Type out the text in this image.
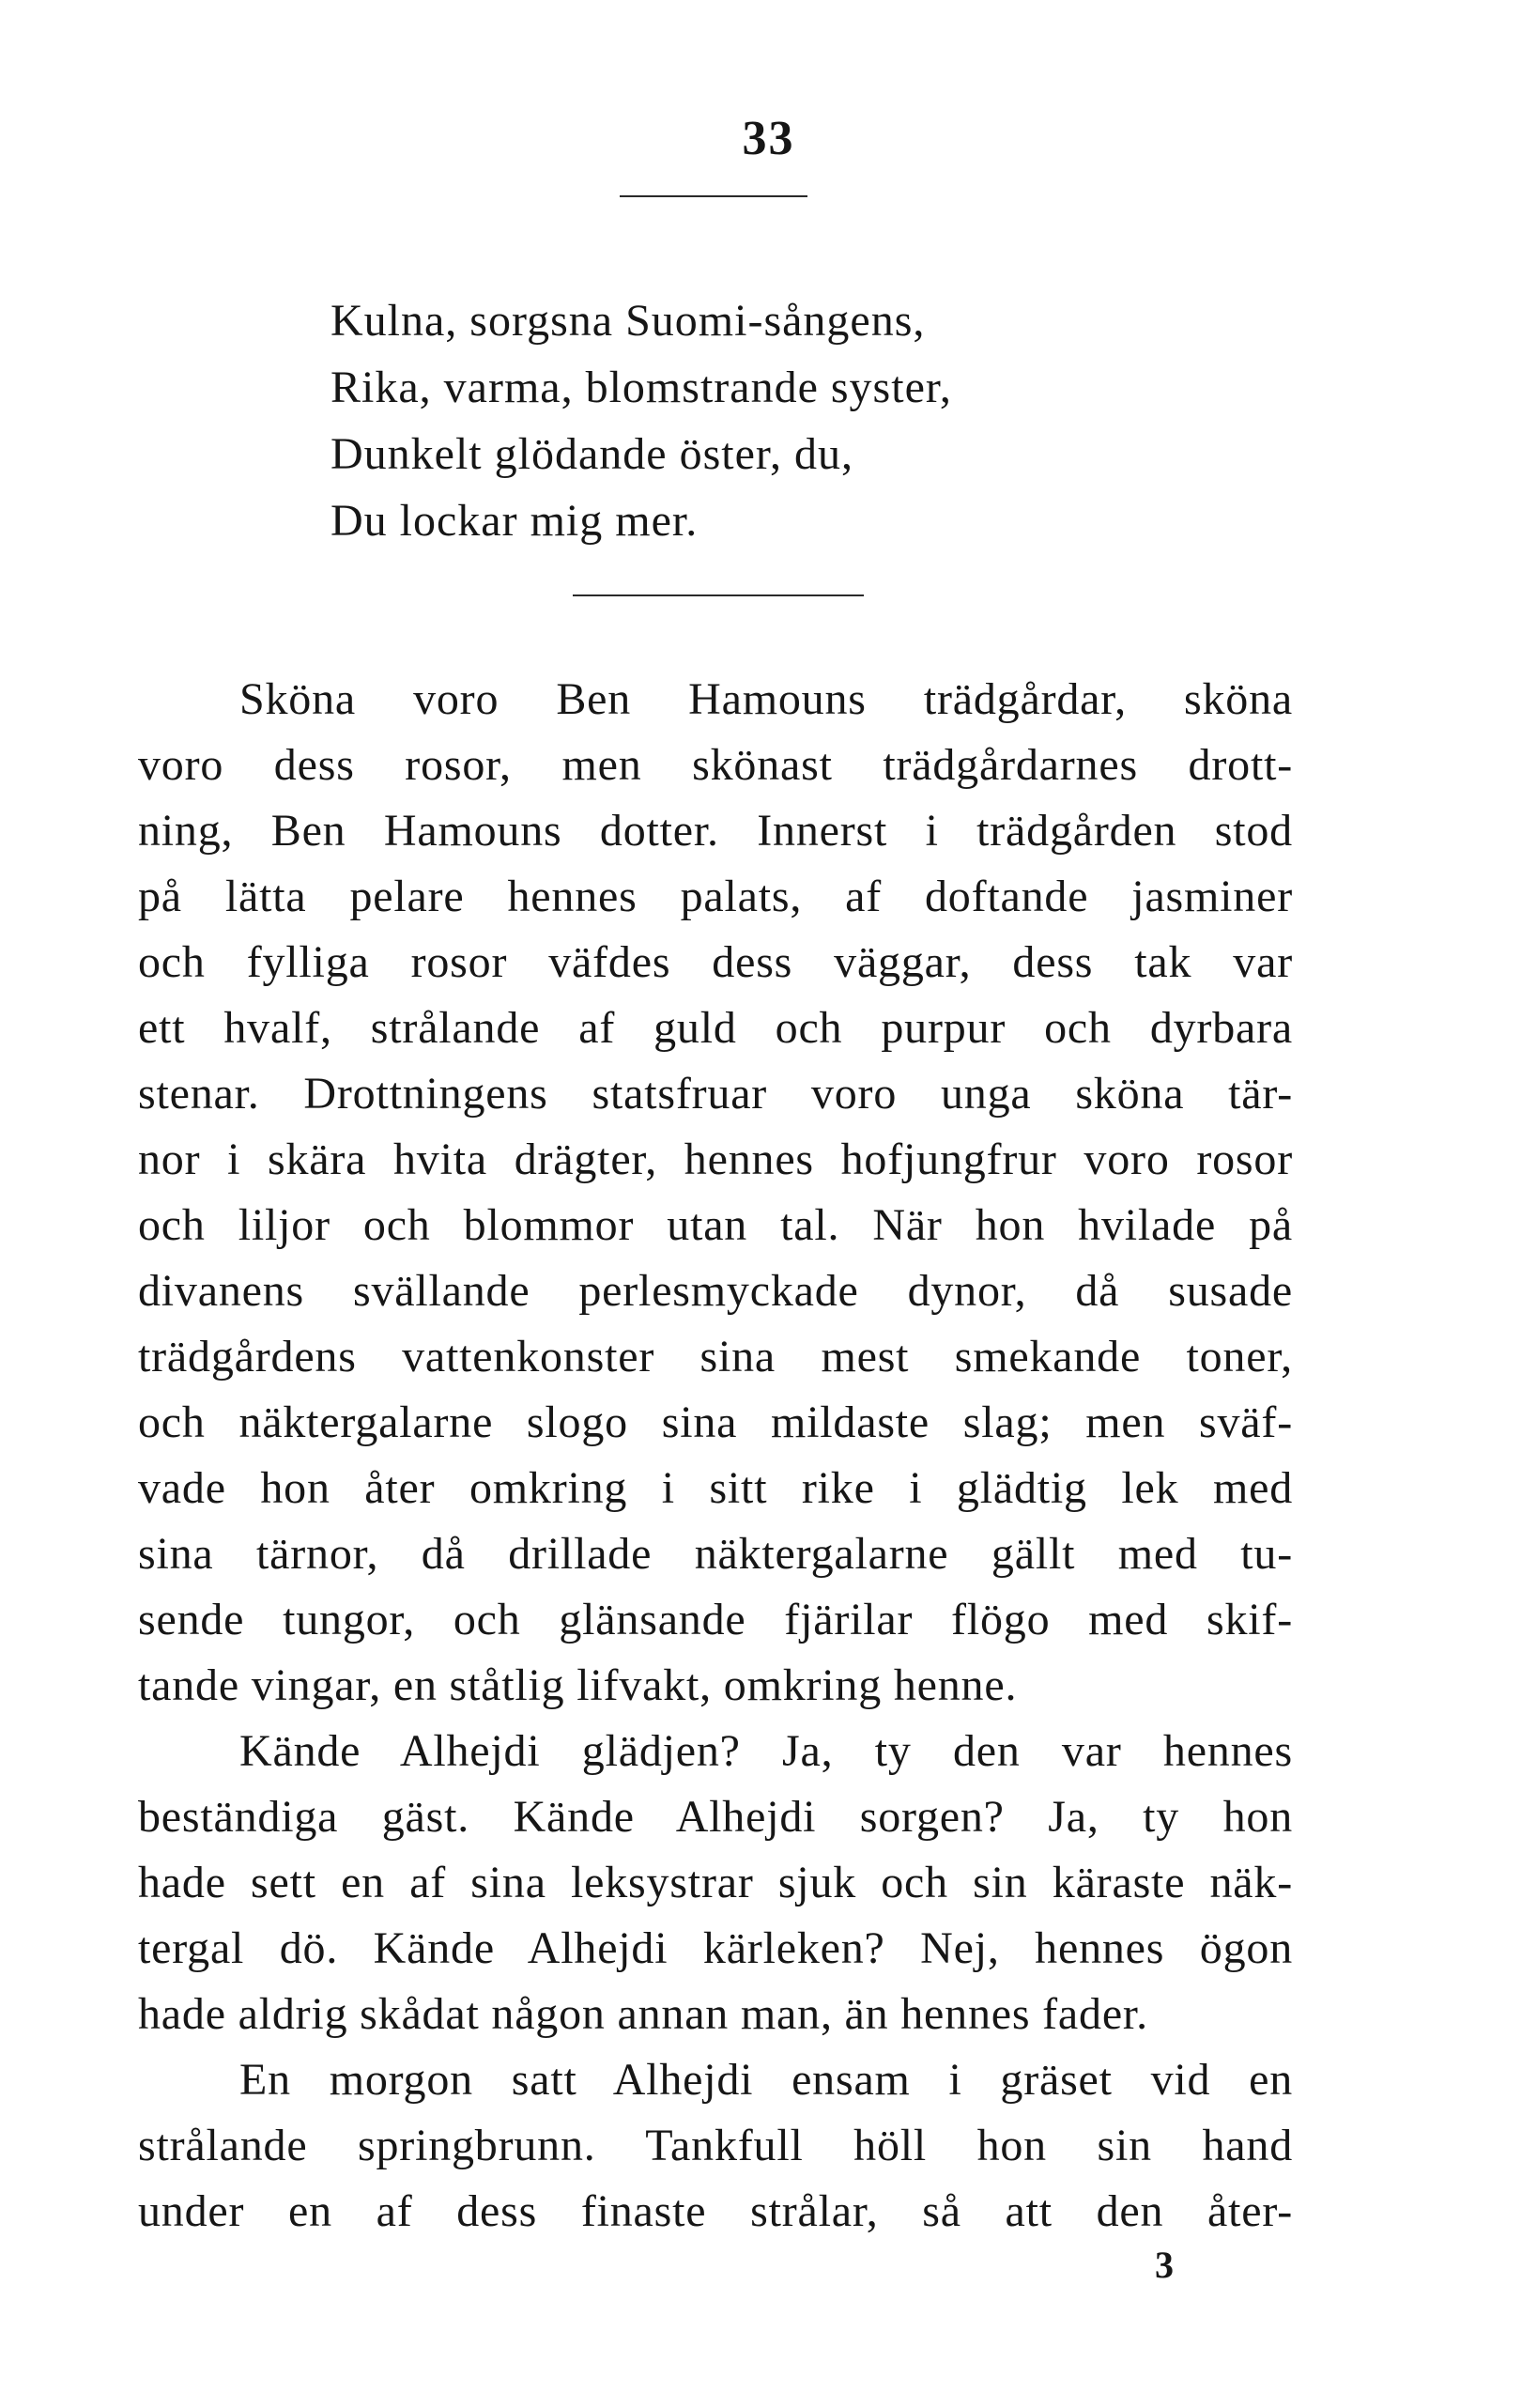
33
Kulna, sorgsna Suomi-sångens,
Rika, varma, blomstrande syster,
Dunkelt glödande öster, du,
Du lockar mig mer.
Sköna voro Ben Hamouns trädgårdar, sköna
voro dess rosor, men skönast trädgårdarnes drott-
ning, Ben Hamouns dotter. Innerst i trädgården stod
på lätta pelare hennes palats, af doftande jasminer
och fylliga rosor väfdes dess väggar, dess tak var
ett hvalf, strålande af guld och purpur och dyrbara
stenar. Drottningens statsfruar voro unga sköna tär-
nor i skära hvita drägter, hennes hofjungfrur voro rosor
och liljor och blommor utan tal. När hon hvilade på
divanens svällande perlesmyckade dynor, då susade
trädgårdens vattenkonster sina mest smekande toner,
och näktergalarne slogo sina mildaste slag; men sväf-
vade hon åter omkring i sitt rike i glädtig lek med
sina tärnor, då drillade näktergalarne gällt med tu-
sende tungor, och glänsande fjärilar flögo med skif-
tande vingar, en ståtlig lifvakt, omkring henne.
Kände Alhejdi glädjen? Ja, ty den var hennes
beständiga gäst. Kände Alhejdi sorgen? Ja, ty hon
hade sett en af sina leksystrar sjuk och sin käraste näk-
tergal dö. Kände Alhejdi kärleken? Nej, hennes ögon
hade aldrig skådat någon annan man, än hennes fader.
En morgon satt Alhejdi ensam i gräset vid en
strålande springbrunn. Tankfull höll hon sin hand
under en af dess finaste strålar, så att den åter-
3
